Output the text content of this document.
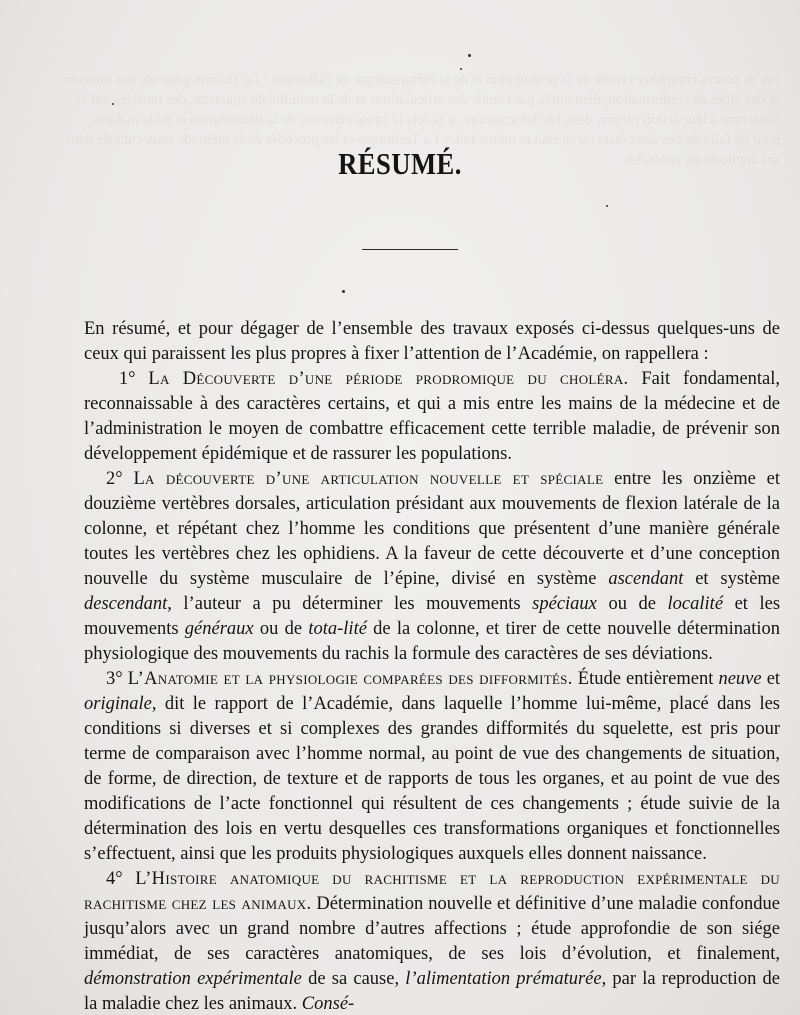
ces os pourra compléter l'étude de la propagation et de la thérapeutique de l'affection · La Théorie générale des tumeurs et des vices de conformation, démontrée par l'étude des articulations et de la mobilité du squelette, des muscles qui se rattachent à leur action propre, dans les déformations, à la fois la cause effective de la déformation et de la maladie, pour ne faire de ces deux états qu'un seul et même fait. · La Technique et les procédés de la méthode sous-cutanée dans ses applications générales.
RÉSUMÉ.

En résumé, et pour dégager de l’ensemble des travaux exposés ci-dessus quelques-uns de ceux qui paraissent les plus propres à fixer l’attention de l’Académie, on rappellera :

1° La Découverte d’une période prodromique du choléra. Fait fondamental, reconnaissable à des caractères certains, et qui a mis entre les mains de la médecine et de l’administration le moyen de combattre efficacement cette terrible maladie, de prévenir son développement épidémique et de rassurer les populations.

2° La découverte d’une articulation nouvelle et spéciale entre les onzième et douzième vertèbres dorsales, articulation présidant aux mouvements de flexion latérale de la colonne, et répétant chez l’homme les conditions que présentent d’une manière générale toutes les vertèbres chez les ophidiens. A la faveur de cette découverte et d’une conception nouvelle du système musculaire de l’épine, divisé en système ascendant et système descendant, l’auteur a pu déterminer les mouvements spéciaux ou de localité et les mouvements généraux ou de tota-lité de la colonne, et tirer de cette nouvelle détermination physiologique des mouvements du rachis la formule des caractères de ses déviations.

3° L’Anatomie et la physiologie comparées des difformités. Étude entièrement neuve et originale, dit le rapport de l’Académie, dans laquelle l’homme lui-même, placé dans les conditions si diverses et si complexes des grandes difformités du squelette, est pris pour terme de comparaison avec l’homme normal, au point de vue des changements de situation, de forme, de direction, de texture et de rapports de tous les organes, et au point de vue des modifications de l’acte fonctionnel qui résultent de ces changements ; étude suivie de la détermination des lois en vertu desquelles ces transformations organiques et fonctionnelles s’effectuent, ainsi que les produits physiologiques auxquels elles donnent naissance.

4° L’Histoire anatomique du rachitisme et la reproduction expérimentale du rachitisme chez les animaux. Détermination nouvelle et définitive d’une maladie confondue jusqu’alors avec un grand nombre d’autres affections ; étude approfondie de son siége immédiat, de ses caractères anatomiques, de ses lois d’évolution, et finalement, démonstration expérimentale de sa cause, l’alimentation prématurée, par la reproduction de la maladie chez les animaux. Consé-
